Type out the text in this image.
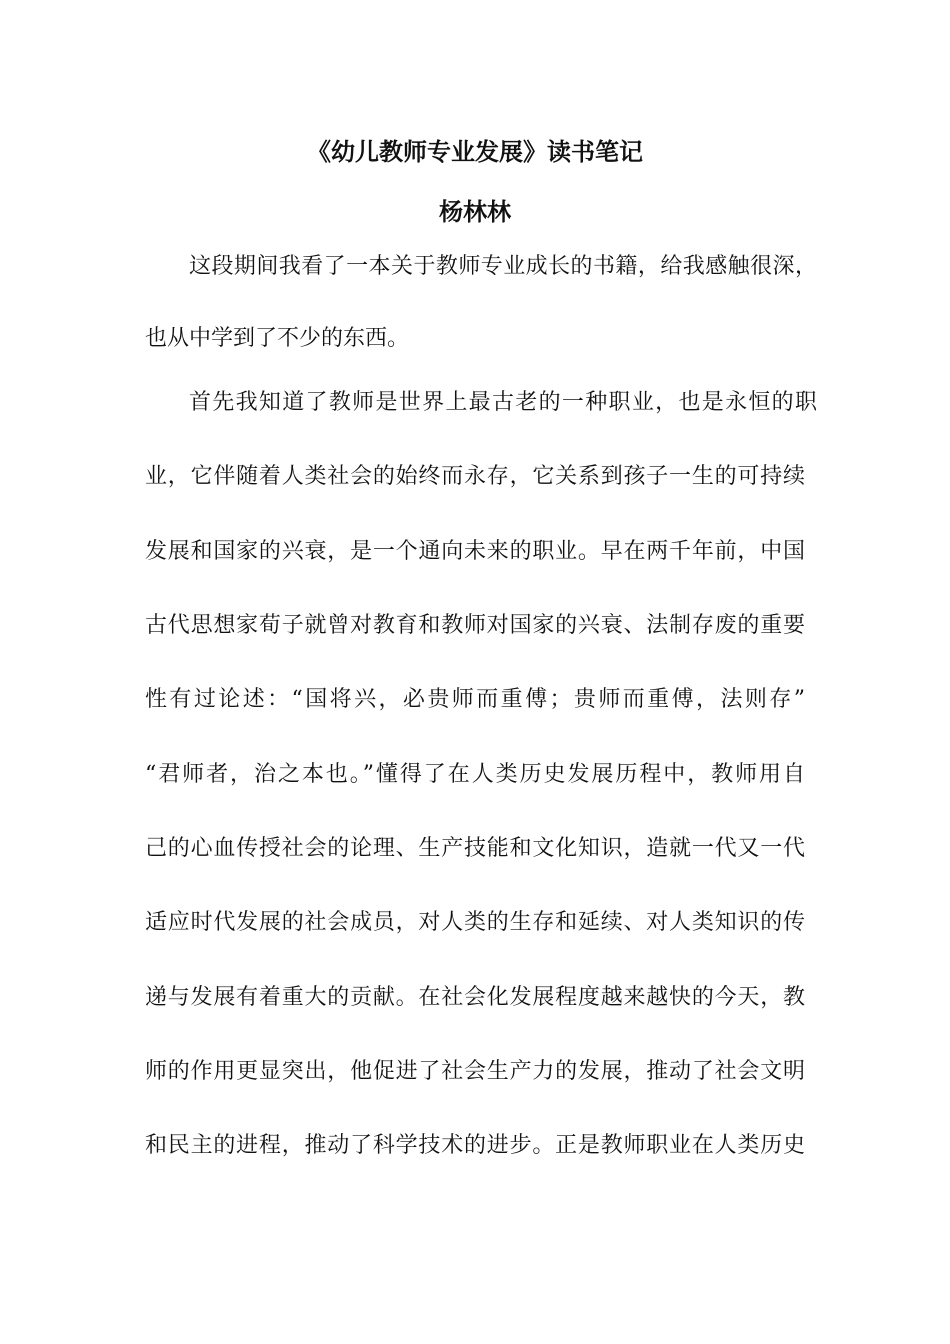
《幼儿教师专业发展》读书笔记
杨林林
这段期间我看了一本关于教师专业成长的书籍，给我感触很深，
也从中学到了不少的东西。
首先我知道了教师是世界上最古老的一种职业，也是永恒的职
业，它伴随着人类社会的始终而永存，它关系到孩子一生的可持续
发展和国家的兴衰，是一个通向未来的职业。早在两千年前，中国
古代思想家荀子就曾对教育和教师对国家的兴衰、法制存废的重要
性有过论述：“国将兴，必贵师而重傅；贵师而重傅，法则存”
“君师者，治之本也。”懂得了在人类历史发展历程中，教师用自
己的心血传授社会的论理、生产技能和文化知识，造就一代又一代
适应时代发展的社会成员，对人类的生存和延续、对人类知识的传
递与发展有着重大的贡献。在社会化发展程度越来越快的今天，教
师的作用更显突出，他促进了社会生产力的发展，推动了社会文明
和民主的进程，推动了科学技术的进步。正是教师职业在人类历史
